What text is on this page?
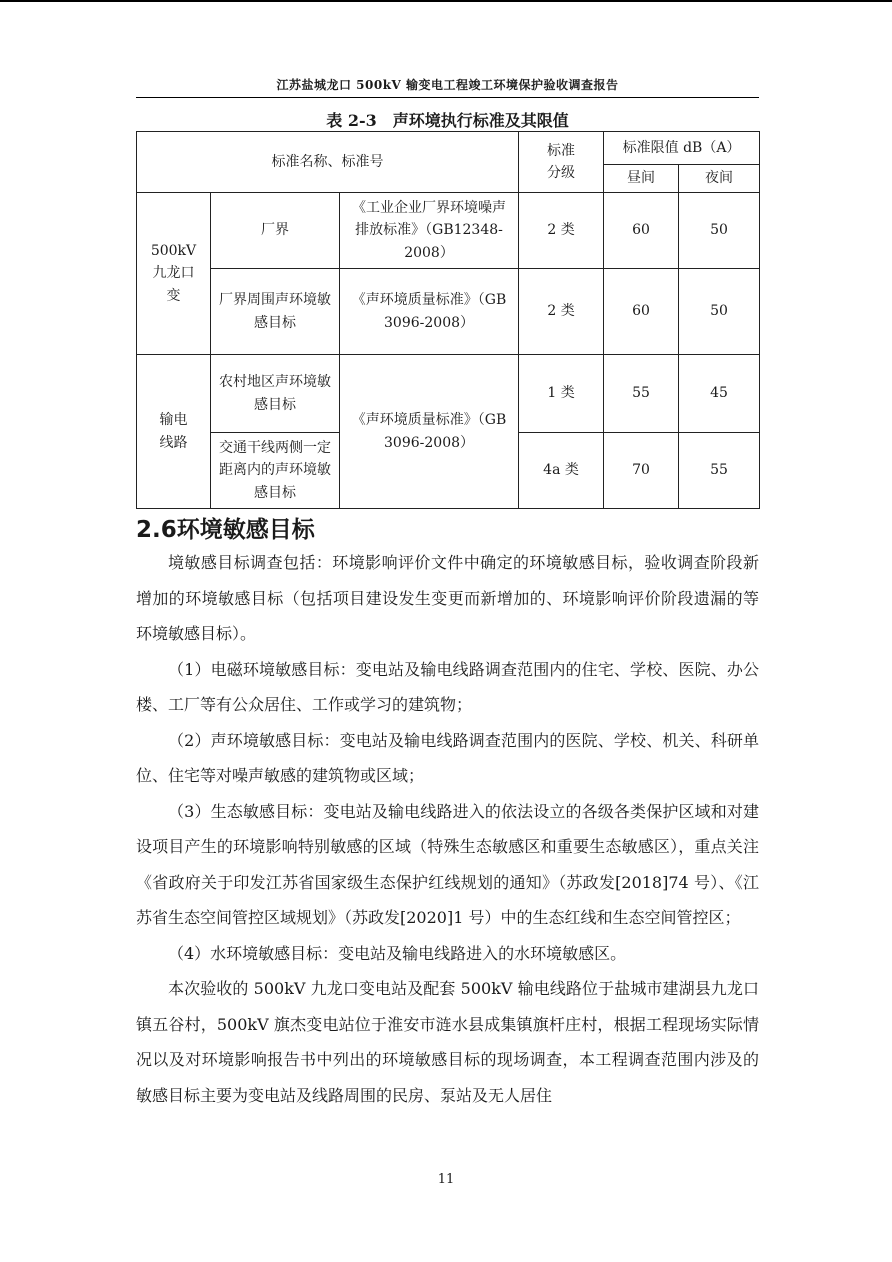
江苏盐城龙口 500kV 输变电工程竣工环境保护验收调查报告
表 2-3　声环境执行标准及其限值
标准名称、标准号			标准分级	标准限值 dB（A）	
				昼间	夜间
500kV 九龙口变	厂界	《工业企业厂界环境噪声排放标准》（GB12348-2008）	2 类	60	50
	厂界周围声环境敏感目标	《声环境质量标准》（GB 3096-2008）	2 类	60	50
输电线路	农村地区声环境敏感目标	《声环境质量标准》（GB 3096-2008）	1 类	55	45
	交通干线两侧一定距离内的声环境敏感目标		4a 类	70	55
2.6环境敏感目标

境敏感目标调查包括：环境影响评价文件中确定的环境敏感目标，验收调查阶段新增加的环境敏感目标（包括项目建设发生变更而新增加的、环境影响评价阶段遗漏的等环境敏感目标）。

（1）电磁环境敏感目标：变电站及输电线路调查范围内的住宅、学校、医院、办公楼、工厂等有公众居住、工作或学习的建筑物；

（2）声环境敏感目标：变电站及输电线路调查范围内的医院、学校、机关、科研单位、住宅等对噪声敏感的建筑物或区域；

（3）生态敏感目标：变电站及输电线路进入的依法设立的各级各类保护区域和对建设项目产生的环境影响特别敏感的区域（特殊生态敏感区和重要生态敏感区），重点关注《省政府关于印发江苏省国家级生态保护红线规划的通知》（苏政发[2018]74 号）、《江苏省生态空间管控区域规划》（苏政发[2020]1 号）中的生态红线和生态空间管控区；

（4）水环境敏感目标：变电站及输电线路进入的水环境敏感区。

本次验收的 500kV 九龙口变电站及配套 500kV 输电线路位于盐城市建湖县九龙口镇五谷村，500kV 旗杰变电站位于淮安市涟水县成集镇旗杆庄村，根据工程现场实际情况以及对环境影响报告书中列出的环境敏感目标的现场调查，本工程调查范围内涉及的敏感目标主要为变电站及线路周围的民房、泵站及无人居住

11
